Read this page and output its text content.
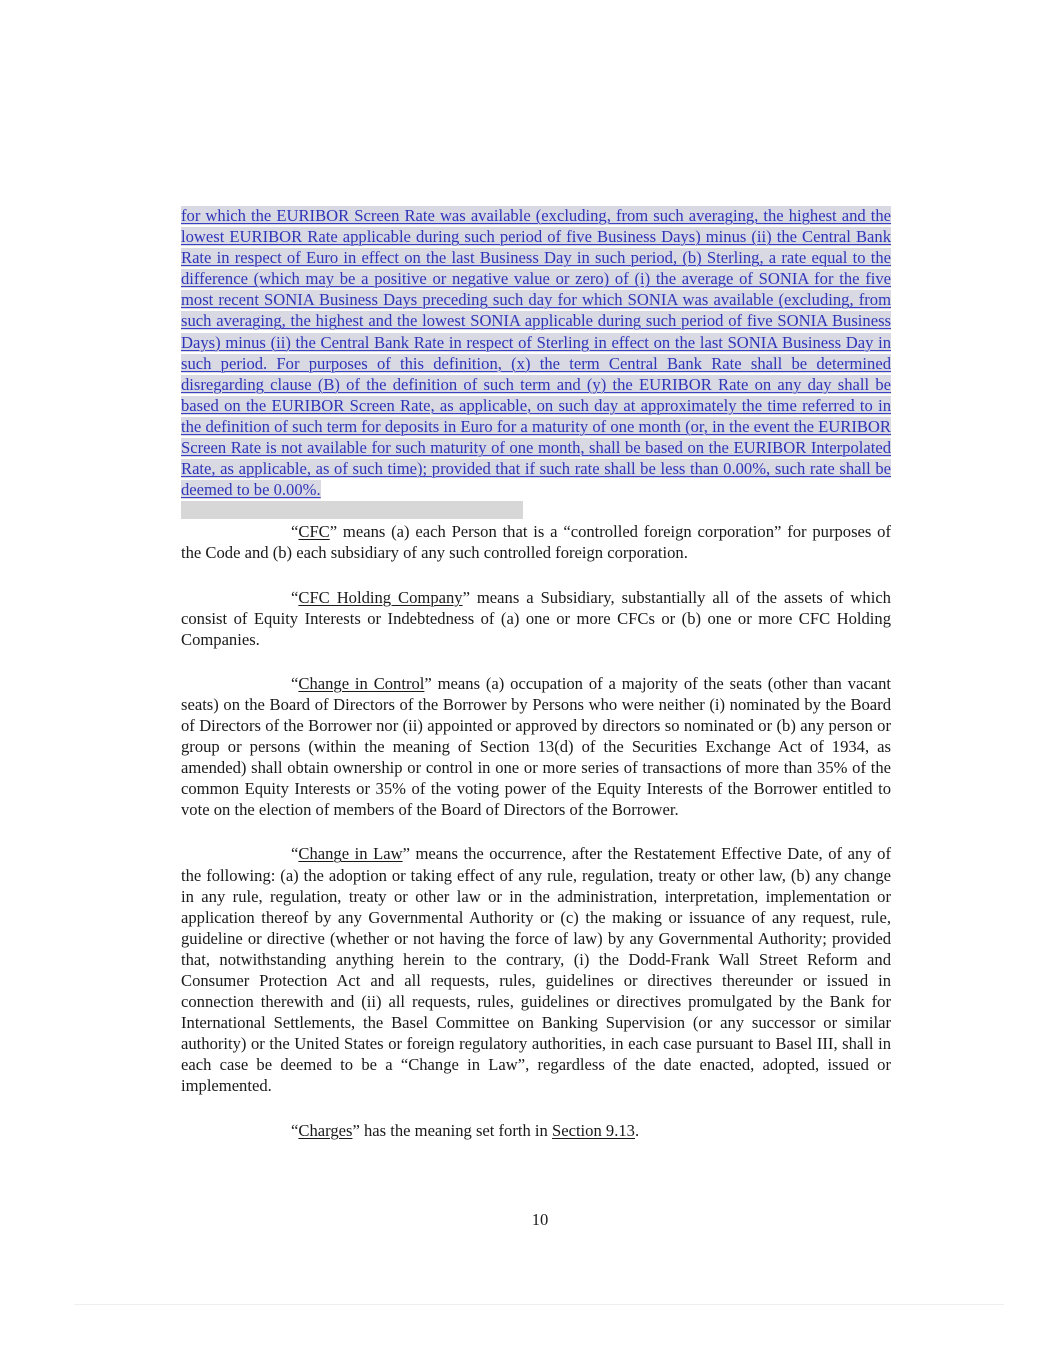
for which the EURIBOR Screen Rate was available (excluding, from such averaging, the highest and the lowest EURIBOR Rate applicable during such period of five Business Days) minus (ii) the Central Bank Rate in respect of Euro in effect on the last Business Day in such period, (b) Sterling, a rate equal to the difference (which may be a positive or negative value or zero) of (i) the average of SONIA for the five most recent SONIA Business Days preceding such day for which SONIA was available (excluding, from such averaging, the highest and the lowest SONIA applicable during such period of five SONIA Business Days) minus (ii) the Central Bank Rate in respect of Sterling in effect on the last SONIA Business Day in such period. For purposes of this definition, (x) the term Central Bank Rate shall be determined disregarding clause (B) of the definition of such term and (y) the EURIBOR Rate on any day shall be based on the EURIBOR Screen Rate, as applicable, on such day at approximately the time referred to in the definition of such term for deposits in Euro for a maturity of one month (or, in the event the EURIBOR Screen Rate is not available for such maturity of one month, shall be based on the EURIBOR Interpolated Rate, as applicable, as of such time); provided that if such rate shall be less than 0.00%, such rate shall be deemed to be 0.00%.

“CFC” means (a) each Person that is a “controlled foreign corporation” for purposes of the Code and (b) each subsidiary of any such controlled foreign corporation.

“CFC Holding Company” means a Subsidiary, substantially all of the assets of which consist of Equity Interests or Indebtedness of (a) one or more CFCs or (b) one or more CFC Holding Companies.

“Change in Control” means (a) occupation of a majority of the seats (other than vacant seats) on the Board of Directors of the Borrower by Persons who were neither (i) nominated by the Board of Directors of the Borrower nor (ii) appointed or approved by directors so nominated or (b) any person or group or persons (within the meaning of Section 13(d) of the Securities Exchange Act of 1934, as amended) shall obtain ownership or control in one or more series of transactions of more than 35% of the common Equity Interests or 35% of the voting power of the Equity Interests of the Borrower entitled to vote on the election of members of the Board of Directors of the Borrower.

“Change in Law” means the occurrence, after the Restatement Effective Date, of any of the following: (a) the adoption or taking effect of any rule, regulation, treaty or other law, (b) any change in any rule, regulation, treaty or other law or in the administration, interpretation, implementation or application thereof by any Governmental Authority or (c) the making or issuance of any request, rule, guideline or directive (whether or not having the force of law) by any Governmental Authority; provided that, notwithstanding anything herein to the contrary, (i) the Dodd-Frank Wall Street Reform and Consumer Protection Act and all requests, rules, guidelines or directives thereunder or issued in connection therewith and (ii) all requests, rules, guidelines or directives promulgated by the Bank for International Settlements, the Basel Committee on Banking Supervision (or any successor or similar authority) or the United States or foreign regulatory authorities, in each case pursuant to Basel III, shall in each case be deemed to be a “Change in Law”, regardless of the date enacted, adopted, issued or implemented.

“Charges” has the meaning set forth in Section 9.13.

10
